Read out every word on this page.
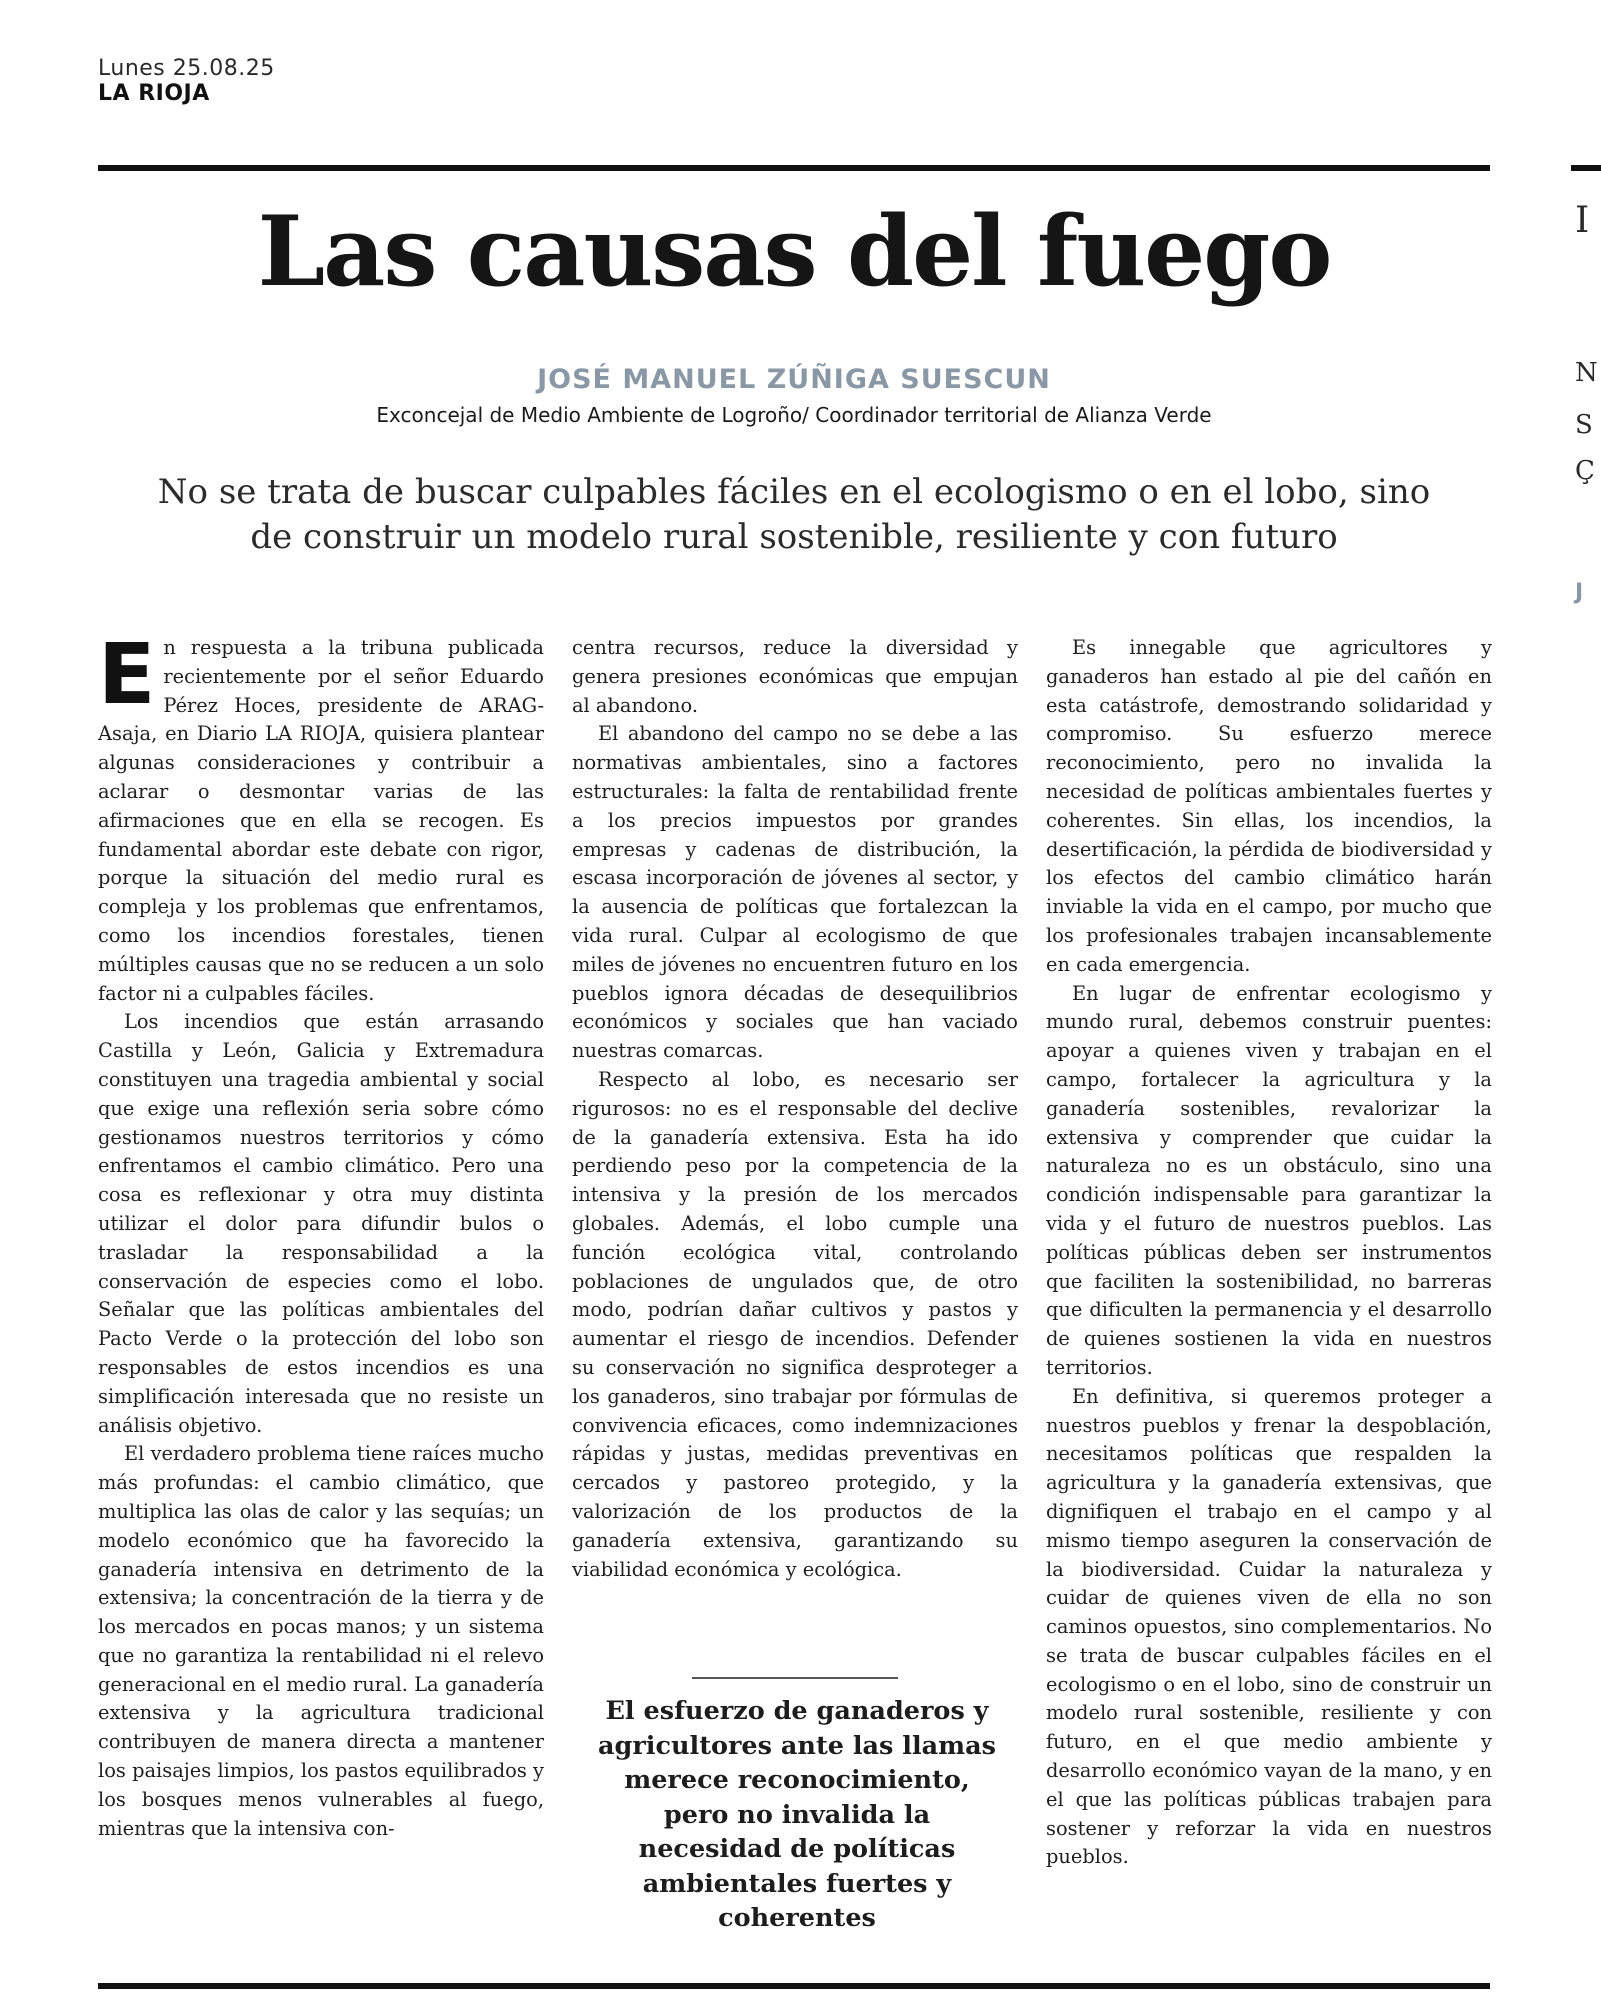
Lunes 25.08.25
LA RIOJA
Las causas del fuego
JOSÉ MANUEL ZÚÑIGA SUESCUN
Exconcejal de Medio Ambiente de Logroño/ Coordinador territorial de Alianza Verde
No se trata de buscar culpables fáciles en el ecologismo o en el lobo, sino de construir un modelo rural sostenible, resiliente y con futuro

En respuesta a la tribuna publicada recientemente por el señor Eduardo Pérez Hoces, presidente de ARAG-Asaja, en Diario LA RIOJA, quisiera plantear algunas consideraciones y contribuir a aclarar o desmontar varias de las afirmaciones que en ella se recogen. Es fundamental abordar este debate con rigor, porque la situación del medio rural es compleja y los problemas que enfrentamos, como los incendios forestales, tienen múltiples causas que no se reducen a un solo factor ni a culpables fáciles.

Los incendios que están arrasando Castilla y León, Galicia y Extremadura constituyen una tragedia ambiental y social que exige una reflexión seria sobre cómo gestionamos nuestros territorios y cómo enfrentamos el cambio climático. Pero una cosa es reflexionar y otra muy distinta utilizar el dolor para difundir bulos o trasladar la responsabilidad a la conservación de especies como el lobo. Señalar que las políticas ambientales del Pacto Verde o la protección del lobo son responsables de estos incendios es una simplificación interesada que no resiste un análisis objetivo.

El verdadero problema tiene raíces mucho más profundas: el cambio climático, que multiplica las olas de calor y las sequías; un modelo económico que ha favorecido la ganadería intensiva en detrimento de la extensiva; la concentración de la tierra y de los mercados en pocas manos; y un sistema que no garantiza la rentabilidad ni el relevo generacional en el medio rural. La ganadería extensiva y la agricultura tradicional contribuyen de manera directa a mantener los paisajes limpios, los pastos equilibrados y los bosques menos vulnerables al fuego, mientras que la intensiva con-

centra recursos, reduce la diversidad y genera presiones económicas que empujan al abandono.

El abandono del campo no se debe a las normativas ambientales, sino a factores estructurales: la falta de rentabilidad frente a los precios impuestos por grandes empresas y cadenas de distribución, la escasa incorporación de jóvenes al sector, y la ausencia de políticas que fortalezcan la vida rural. Culpar al ecologismo de que miles de jóvenes no encuentren futuro en los pueblos ignora décadas de desequilibrios económicos y sociales que han vaciado nuestras comarcas.

Respecto al lobo, es necesario ser rigurosos: no es el responsable del declive de la ganadería extensiva. Esta ha ido perdiendo peso por la competencia de la intensiva y la presión de los mercados globales. Además, el lobo cumple una función ecológica vital, controlando poblaciones de ungulados que, de otro modo, podrían dañar cultivos y pastos y aumentar el riesgo de incendios. Defender su conservación no significa desproteger a los ganaderos, sino trabajar por fórmulas de convivencia eficaces, como indemnizaciones rápidas y justas, medidas preventivas en cercados y pastoreo protegido, y la valorización de los productos de la ganadería extensiva, garantizando su viabilidad económica y ecológica.

El esfuerzo de ganaderos y agricultores ante las llamas merece reconocimiento, pero no invalida la necesidad de políticas ambientales fuertes y coherentes

Es innegable que agricultores y ganaderos han estado al pie del cañón en esta catástrofe, demostrando solidaridad y compromiso. Su esfuerzo merece reconocimiento, pero no invalida la necesidad de políticas ambientales fuertes y coherentes. Sin ellas, los incendios, la desertificación, la pérdida de biodiversidad y los efectos del cambio climático harán inviable la vida en el campo, por mucho que los profesionales trabajen incansablemente en cada emergencia.

En lugar de enfrentar ecologismo y mundo rural, debemos construir puentes: apoyar a quienes viven y trabajan en el campo, fortalecer la agricultura y la ganadería sostenibles, revalorizar la extensiva y comprender que cuidar la naturaleza no es un obstáculo, sino una condición indispensable para garantizar la vida y el futuro de nuestros pueblos. Las políticas públicas deben ser instrumentos que faciliten la sostenibilidad, no barreras que dificulten la permanencia y el desarrollo de quienes sostienen la vida en nuestros territorios.

En definitiva, si queremos proteger a nuestros pueblos y frenar la despoblación, necesitamos políticas que respalden la agricultura y la ganadería extensivas, que dignifiquen el trabajo en el campo y al mismo tiempo aseguren la conservación de la biodiversidad. Cuidar la naturaleza y cuidar de quienes viven de ella no son caminos opuestos, sino complementarios. No se trata de buscar culpables fáciles en el ecologismo o en el lobo, sino de construir un modelo rural sostenible, resiliente y con futuro, en el que medio ambiente y desarrollo económico vayan de la mano, y en el que las políticas públicas trabajen para sostener y reforzar la vida en nuestros pueblos.

I
N
S
Ç
J
